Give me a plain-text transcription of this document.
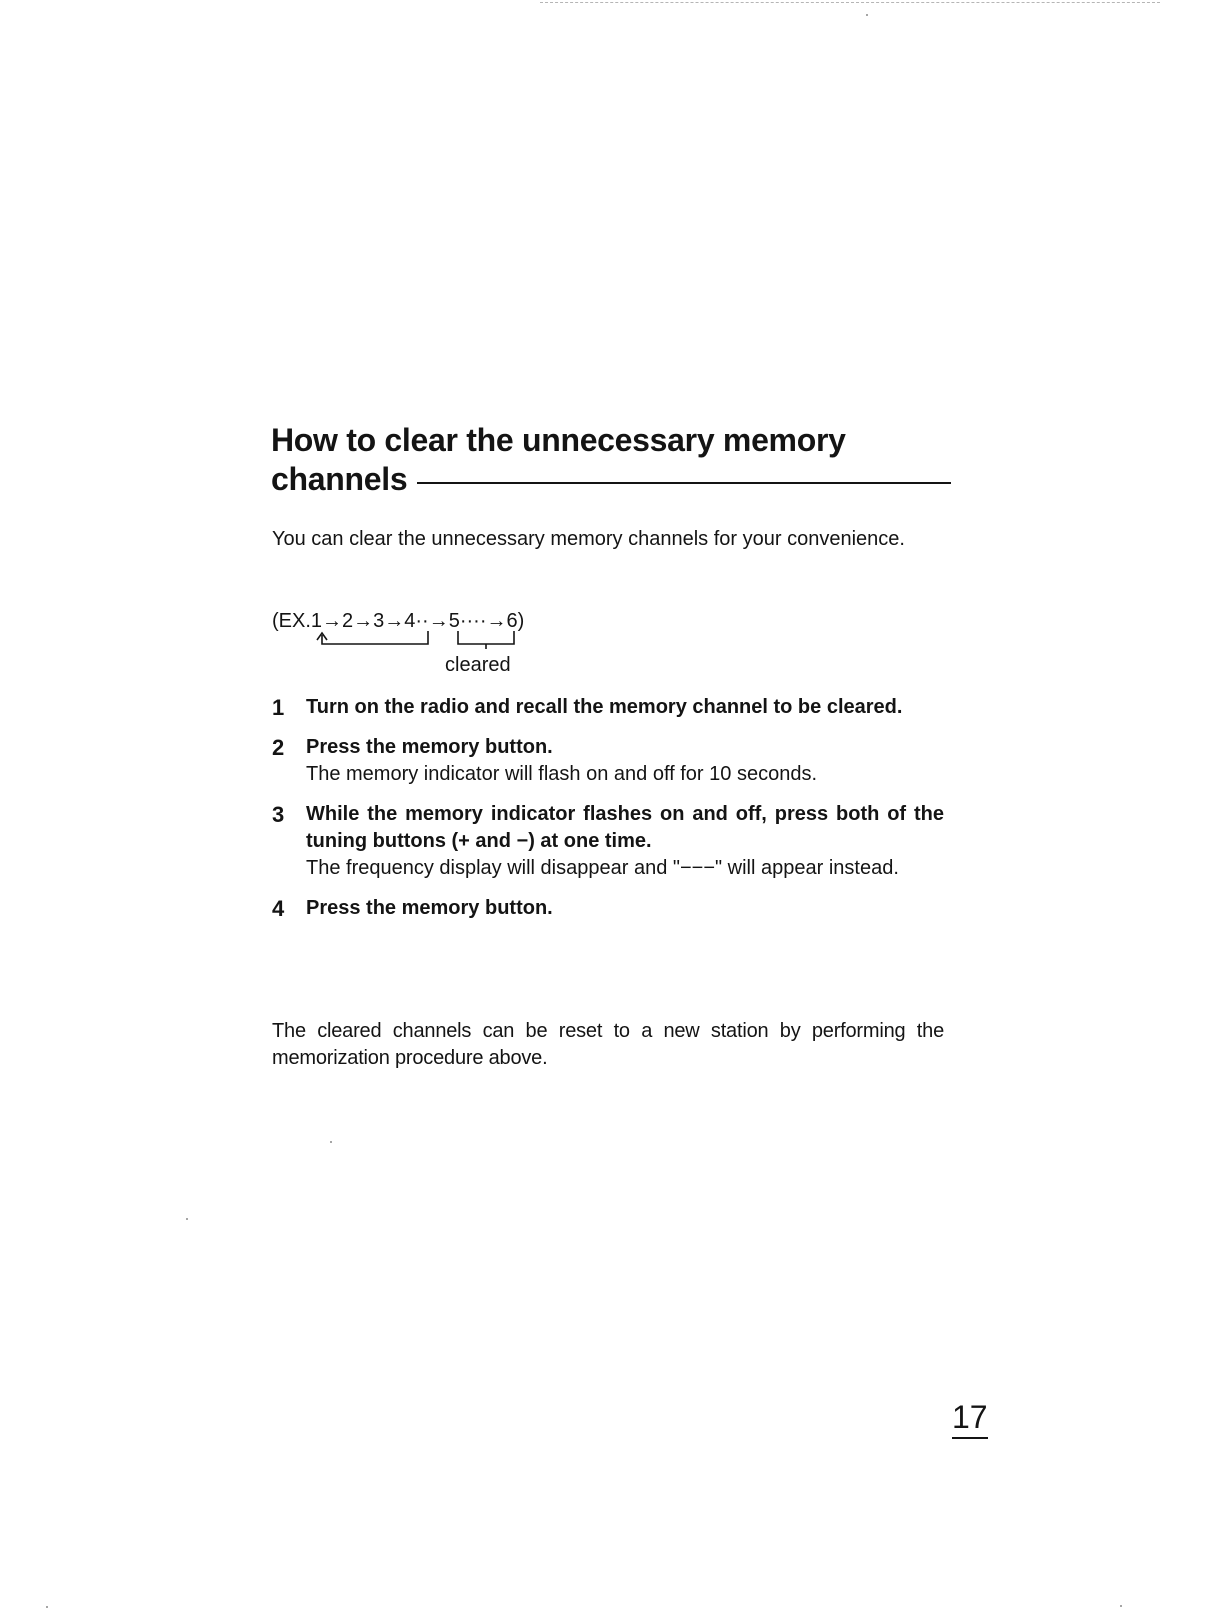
How to clear the unnecessary memory
channels

You can clear the unnecessary memory channels for your convenience.

(EX.1→2→3→4··→5····→6)
cleared
1 Turn on the radio and recall the memory channel to be cleared.
2 Press the memory button.
The memory indicator will flash on and off for 10 seconds.
3 While the memory indicator flashes on and off, press both of the tuning buttons (+ and −) at one time.
The frequency display will disappear and "−−−" will appear instead.
4 Press the memory button.

The cleared channels can be reset to a new station by performing the memorization procedure above.

17
